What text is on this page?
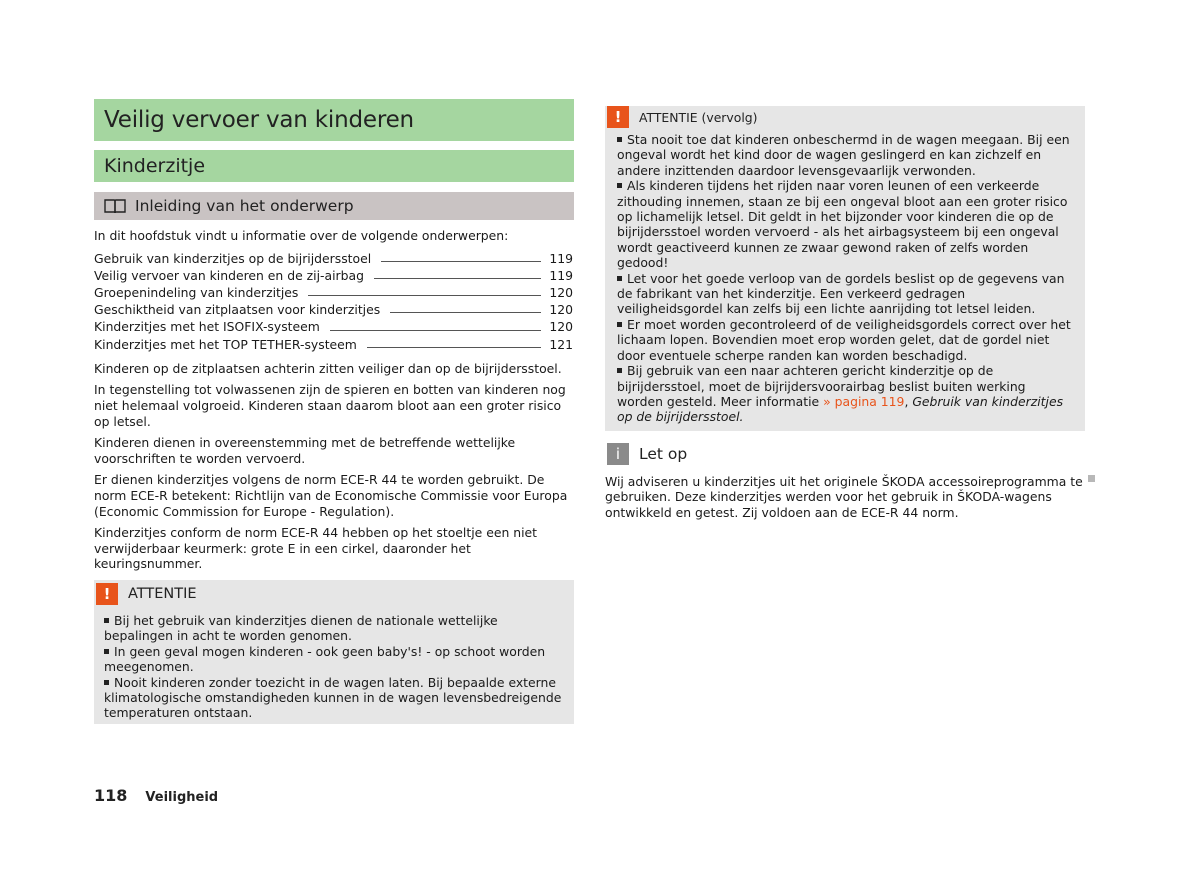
Veilig vervoer van kinderen
Kinderzitje
Inleiding van het onderwerp

In dit hoofdstuk vindt u informatie over de volgende onderwerpen:

Gebruik van kinderzitjes op de bijrijdersstoel	119
Veilig vervoer van kinderen en de zij-airbag	119
Groepenindeling van kinderzitjes	120
Geschiktheid van zitplaatsen voor kinderzitjes	120
Kinderzitjes met het ISOFIX-systeem	120
Kinderzitjes met het TOP TETHER-systeem	121

Kinderen op de zitplaatsen achterin zitten veiliger dan op de bijrijdersstoel.

In tegenstelling tot volwassenen zijn de spieren en botten van kinderen nog niet helemaal volgroeid. Kinderen staan daarom bloot aan een groter risico op letsel.

Kinderen dienen in overeenstemming met de betreffende wettelijke voorschriften te worden vervoerd.

Er dienen kinderzitjes volgens de norm ECE-R 44 te worden gebruikt. De norm ECE-R betekent: Richtlijn van de Economische Commissie voor Europa (Economic Commission for Europe - Regulation).

Kinderzitjes conform de norm ECE-R 44 hebben op het stoeltje een niet verwijderbaar keurmerk: grote E in een cirkel, daaronder het keuringsnummer.

!	ATTENTIE

Bij het gebruik van kinderzitjes dienen de nationale wettelijke bepalingen in acht te worden genomen.

In geen geval mogen kinderen - ook geen baby's! - op schoot worden meegenomen.

Nooit kinderen zonder toezicht in de wagen laten. Bij bepaalde externe klimatologische omstandigheden kunnen in de wagen levensbedreigende temperaturen ontstaan.

!	ATTENTIE (vervolg)

Sta nooit toe dat kinderen onbeschermd in de wagen meegaan. Bij een ongeval wordt het kind door de wagen geslingerd en kan zichzelf en andere inzittenden daardoor levensgevaarlijk verwonden.

Als kinderen tijdens het rijden naar voren leunen of een verkeerde zithouding innemen, staan ze bij een ongeval bloot aan een groter risico op lichamelijk letsel. Dit geldt in het bijzonder voor kinderen die op de bijrijdersstoel worden vervoerd - als het airbagsysteem bij een ongeval wordt geactiveerd kunnen ze zwaar gewond raken of zelfs worden gedood!

Let voor het goede verloop van de gordels beslist op de gegevens van de fabrikant van het kinderzitje. Een verkeerd gedragen veiligheidsgordel kan zelfs bij een lichte aanrijding tot letsel leiden.

Er moet worden gecontroleerd of de veiligheidsgordels correct over het lichaam lopen. Bovendien moet erop worden gelet, dat de gordel niet door eventuele scherpe randen kan worden beschadigd.

Bij gebruik van een naar achteren gericht kinderzitje op de bijrijdersstoel, moet de bijrijdersvoorairbag beslist buiten werking worden gesteld. Meer informatie » pagina 119, Gebruik van kinderzitjes op de bijrijdersstoel.

i	Let op

Wij adviseren u kinderzitjes uit het originele ŠKODA accessoireprogramma te gebruiken. Deze kinderzitjes werden voor het gebruik in ŠKODA-wagens ontwikkeld en getest. Zij voldoen aan de ECE-R 44 norm.

118 Veiligheid
